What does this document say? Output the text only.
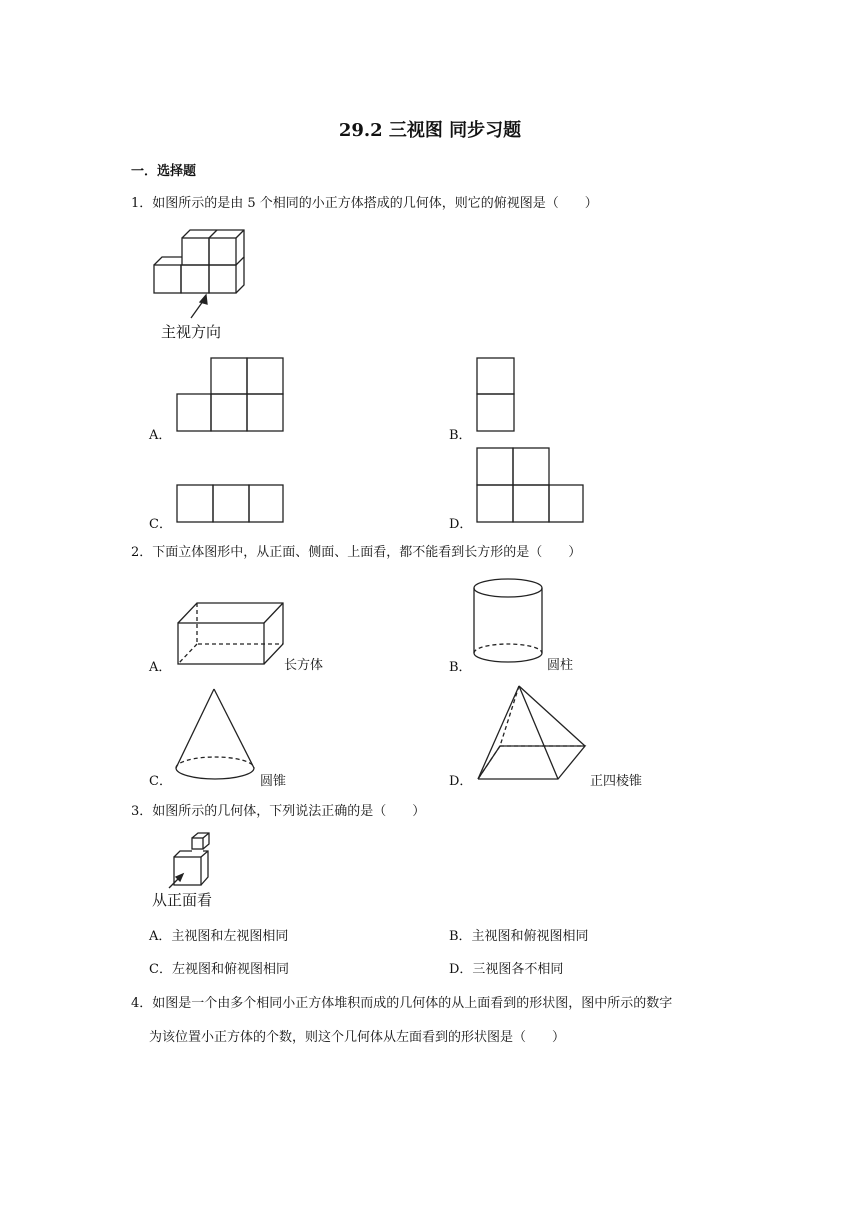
29.2 三视图 同步习题
一．选择题
1．如图所示的是由 5 个相同的小正方体搭成的几何体，则它的俯视图是（　　）
主视方向
A．	B．
C．	D．
2．下面立体图形中，从正面、侧面、上面看，都不能看到长方形的是（　　）
A．	长方体	B．	圆柱
C．	圆锥	D．	正四棱锥
3．如图所示的几何体，下列说法正确的是（　　）
从正面看
A．主视图和左视图相同	B．主视图和俯视图相同
C．左视图和俯视图相同	D．三视图各不相同
4．如图是一个由多个相同小正方体堆积而成的几何体的从上面看到的形状图，图中所示的数字
为该位置小正方体的个数，则这个几何体从左面看到的形状图是（　　）
